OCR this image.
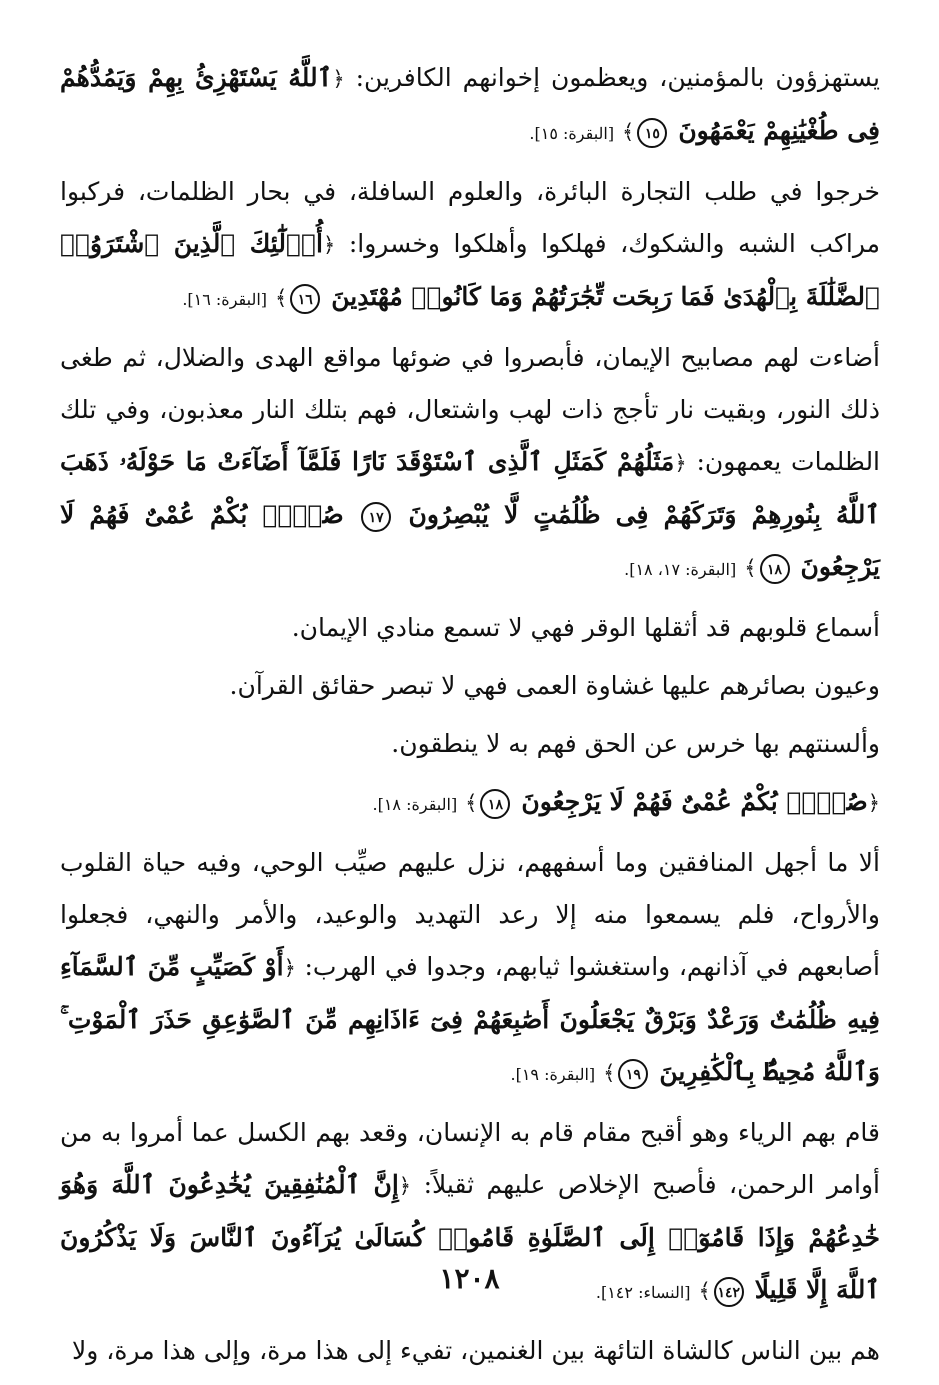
يستهزؤون بالمؤمنين، ويعظمون إخوانهم الكافرين: ﴿ٱللَّهُ يَسْتَهْزِئُ بِهِمْ وَيَمُدُّهُمْ فِى طُغْيَٰنِهِمْ يَعْمَهُونَ ١٥﴾ [البقرة: ١٥].

خرجوا في طلب التجارة البائرة، والعلوم السافلة، في بحار الظلمات، فركبوا مراكب الشبه والشكوك، فهلكوا وأهلكوا وخسروا: ﴿أُو۟لَٰٓئِكَ ٱلَّذِينَ ٱشْتَرَوُا۟ ٱلضَّلَٰلَةَ بِٱلْهُدَىٰ فَمَا رَبِحَت تِّجَٰرَتُهُمْ وَمَا كَانُوا۟ مُهْتَدِينَ ١٦﴾ [البقرة: ١٦].

أضاءت لهم مصابيح الإيمان، فأبصروا في ضوئها مواقع الهدى والضلال، ثم طغى ذلك النور، وبقيت نار تأجج ذات لهب واشتعال، فهم بتلك النار معذبون، وفي تلك الظلمات يعمهون: ﴿مَثَلُهُمْ كَمَثَلِ ٱلَّذِى ٱسْتَوْقَدَ نَارًا فَلَمَّآ أَضَآءَتْ مَا حَوْلَهُۥ ذَهَبَ ٱللَّهُ بِنُورِهِمْ وَتَرَكَهُمْ فِى ظُلُمَٰتٍ لَّا يُبْصِرُونَ ١٧ صُمٌّۢ بُكْمٌ عُمْىٌ فَهُمْ لَا يَرْجِعُونَ ١٨﴾ [البقرة: ١٧، ١٨].

أسماع قلوبهم قد أثقلها الوقر فهي لا تسمع منادي الإيمان.

وعيون بصائرهم عليها غشاوة العمى فهي لا تبصر حقائق القرآن.

وألسنتهم بها خرس عن الحق فهم به لا ينطقون.

﴿صُمٌّۢ بُكْمٌ عُمْىٌ فَهُمْ لَا يَرْجِعُونَ ١٨﴾ [البقرة: ١٨].

ألا ما أجهل المنافقين وما أسفههم، نزل عليهم صيِّب الوحي، وفيه حياة القلوب والأرواح، فلم يسمعوا منه إلا رعد التهديد والوعيد، والأمر والنهي، فجعلوا أصابعهم في آذانهم، واستغشوا ثيابهم، وجدوا في الهرب: ﴿أَوْ كَصَيِّبٍ مِّنَ ٱلسَّمَآءِ فِيهِ ظُلُمَٰتٌ وَرَعْدٌ وَبَرْقٌ يَجْعَلُونَ أَصَٰبِعَهُمْ فِىٓ ءَاذَانِهِم مِّنَ ٱلصَّوَٰعِقِ حَذَرَ ٱلْمَوْتِ ۚ وَٱللَّهُ مُحِيطٌۢ بِٱلْكَٰفِرِينَ ١٩﴾ [البقرة: ١٩].

قام بهم الرياء وهو أقبح مقام قام به الإنسان، وقعد بهم الكسل عما أمروا به من أوامر الرحمن، فأصبح الإخلاص عليهم ثقيلاً: ﴿إِنَّ ٱلْمُنَٰفِقِينَ يُخَٰدِعُونَ ٱللَّهَ وَهُوَ خَٰدِعُهُمْ وَإِذَا قَامُوٓا۟ إِلَى ٱلصَّلَوٰةِ قَامُوا۟ كُسَالَىٰ يُرَآءُونَ ٱلنَّاسَ وَلَا يَذْكُرُونَ ٱللَّهَ إِلَّا قَلِيلًا ١٤٢﴾ [النساء: ١٤٢].

هم بين الناس كالشاة التائهة بين الغنمين، تفيء إلى هذا مرة، وإلى هذا مرة، ولا

١٢٠٨
